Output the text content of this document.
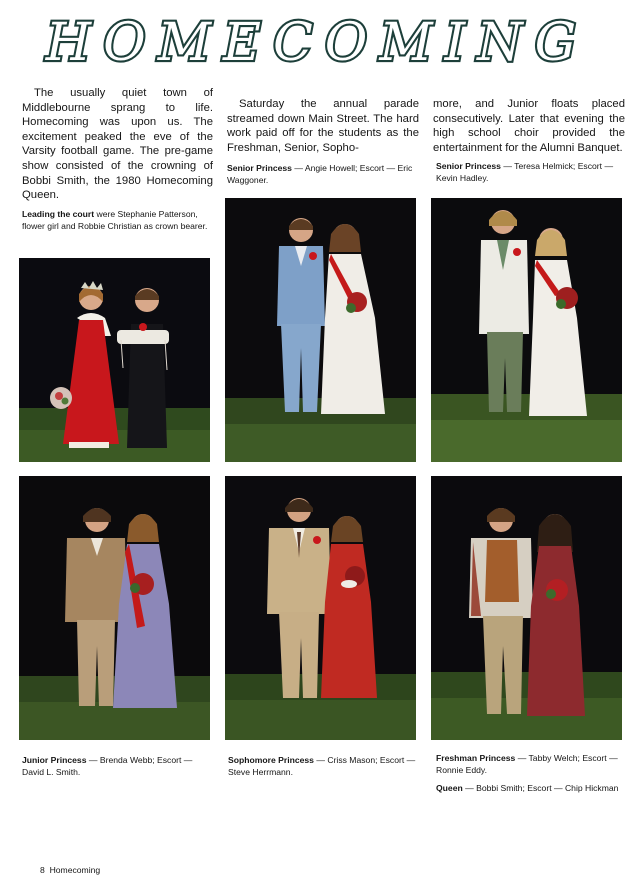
HOMECOMING
The usually quiet town of Middlebourne sprang to life. Homecoming was upon us. The excitement peaked the eve of the Varsity football game. The pre-game show consisted of the crowning of Bobbi Smith, the 1980 Homecoming Queen.
Saturday the annual parade streamed down Main Street. The hard work paid off for the students as the Freshman, Senior, Sopho-
more, and Junior floats placed consecutively. Later that evening the high school choir provided the entertainment for the Alumni Banquet.
Leading the court were Stephanie Patterson, flower girl and Robbie Christian as crown bearer.
Senior Princess — Angie Howell; Escort — Eric Waggoner.
Senior Princess — Teresa Helmick; Escort — Kevin Hadley.
Junior Princess — Brenda Webb; Escort — David L. Smith.
Sophomore Princess — Criss Mason; Escort — Steve Herrmann.
Freshman Princess — Tabby Welch; Escort — Ronnie Eddy.
Queen — Bobbi Smith; Escort — Chip Hickman
8 Homecoming
